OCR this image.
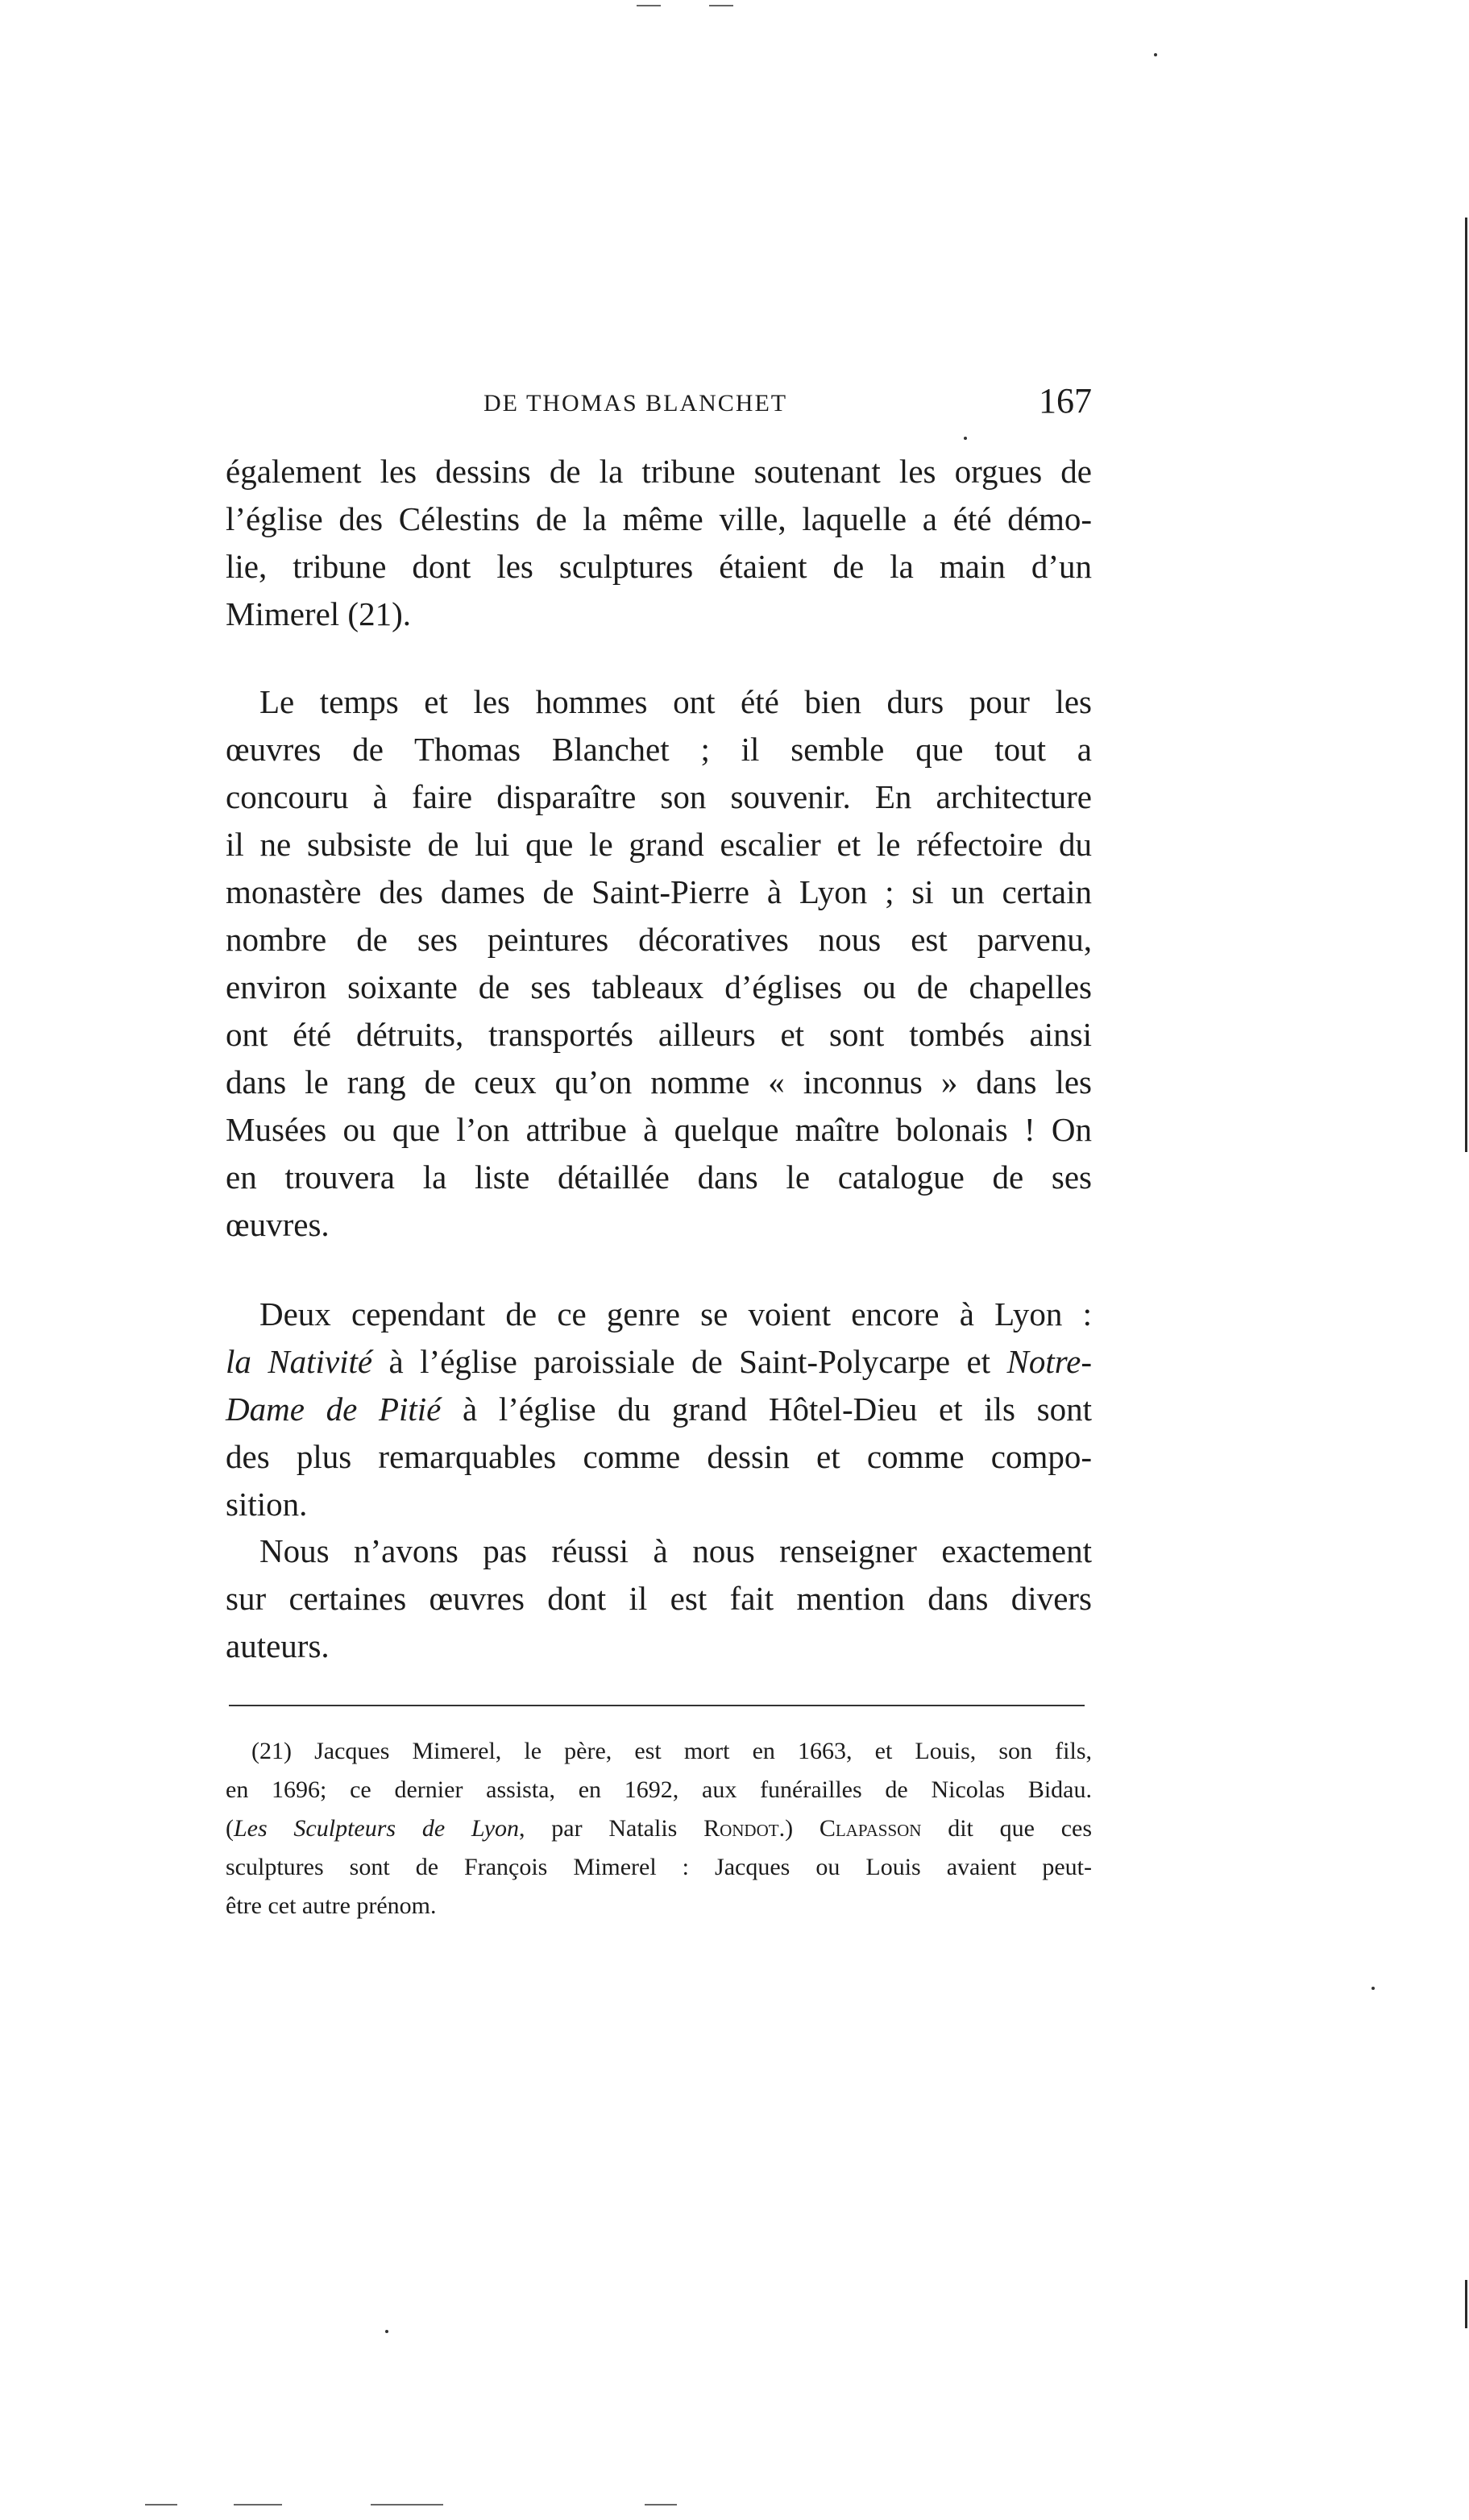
DE THOMAS BLANCHET	167
également les dessins de la tribune soutenant les orgues de
l’église des Célestins de la même ville, laquelle a été démo-
lie, tribune dont les sculptures étaient de la main d’un
Mimerel (21).
Le temps et les hommes ont été bien durs pour les
œuvres de Thomas Blanchet ; il semble que tout a
concouru à faire disparaître son souvenir. En architecture
il ne subsiste de lui que le grand escalier et le réfectoire du
monastère des dames de Saint-Pierre à Lyon ; si un certain
nombre de ses peintures décoratives nous est parvenu,
environ soixante de ses tableaux d’églises ou de chapelles
ont été détruits, transportés ailleurs et sont tombés ainsi
dans le rang de ceux qu’on nomme « inconnus » dans les
Musées ou que l’on attribue à quelque maître bolonais ! On
en trouvera la liste détaillée dans le catalogue de ses
œuvres.
Deux cependant de ce genre se voient encore à Lyon :
la Nativité à l’église paroissiale de Saint-Polycarpe et Notre-
Dame de Pitié à l’église du grand Hôtel-Dieu et ils sont
des plus remarquables comme dessin et comme compo-
sition.
Nous n’avons pas réussi à nous renseigner exactement
sur certaines œuvres dont il est fait mention dans divers
auteurs.
(21) Jacques Mimerel, le père, est mort en 1663, et Louis, son fils,
en 1696; ce dernier assista, en 1692, aux funérailles de Nicolas Bidau.
(Les Sculpteurs de Lyon, par Natalis Rondot.) Clapasson dit que ces
sculptures sont de François Mimerel : Jacques ou Louis avaient peut-
être cet autre prénom.
